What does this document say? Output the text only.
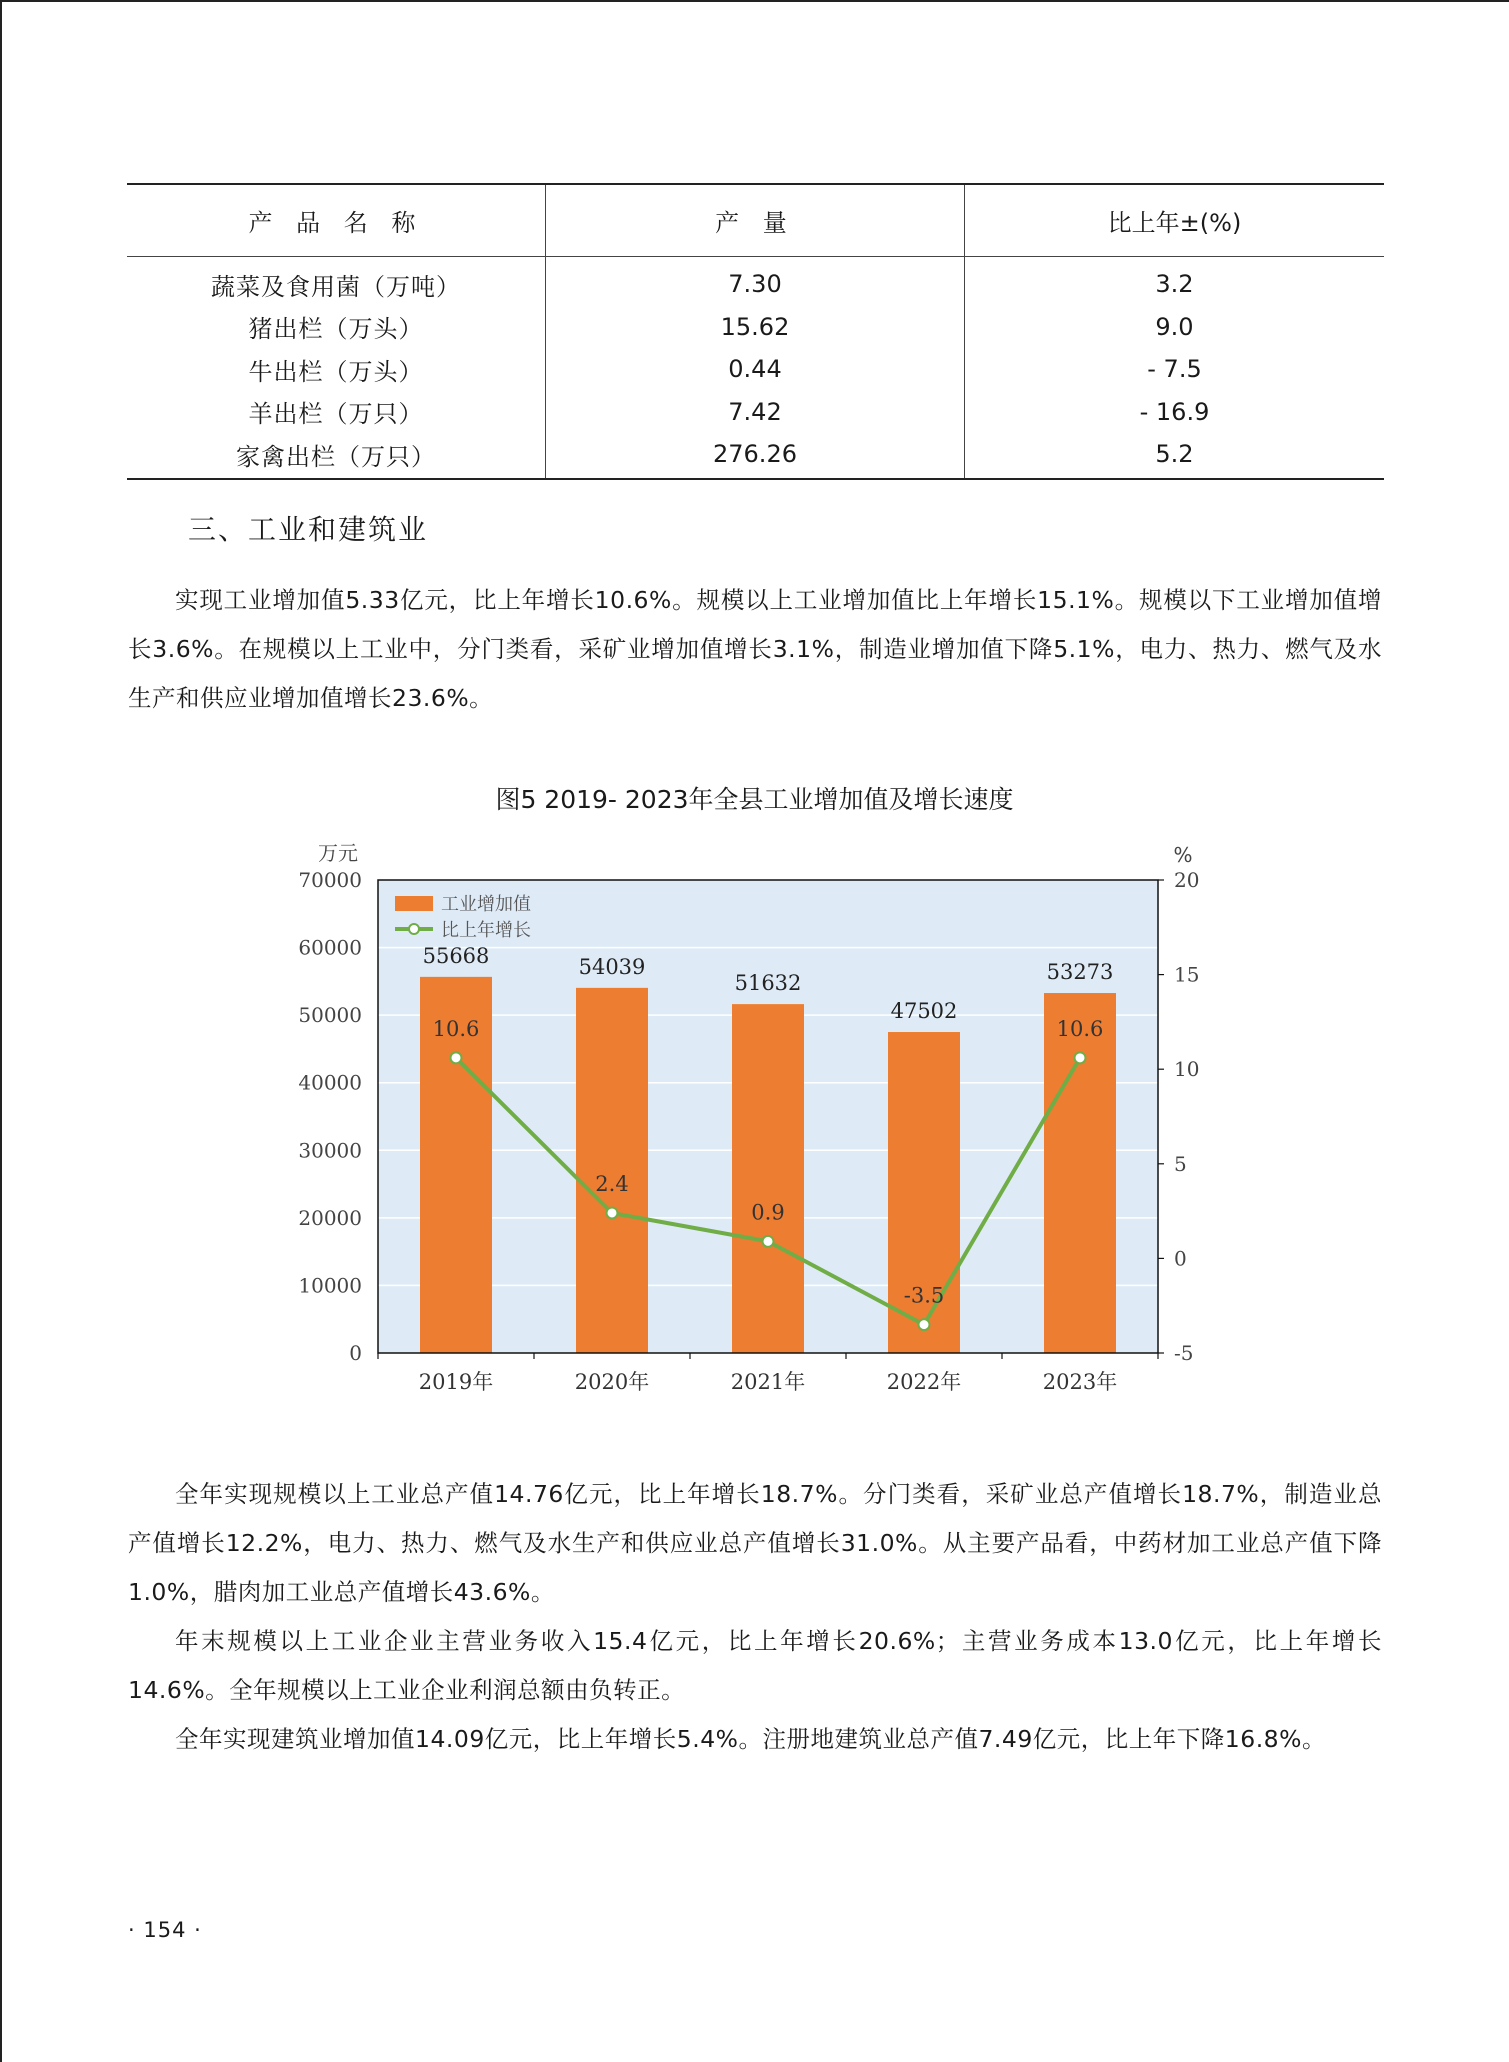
产 品 名 称	产 量	比上年±(%)
蔬菜及食用菌（万吨）	7.30	3.2
猪出栏（万头）	15.62	9.0
牛出栏（万头）	0.44	- 7.5
羊出栏（万只）	7.42	- 16.9
家禽出栏（万只）	276.26	5.2
三、工业和建筑业

实现工业增加值5.33亿元，比上年增长10.6%。规模以上工业增加值比上年增长15.1%。规模以下工业增加值增长3.6%。在规模以上工业中，分门类看，采矿业增加值增长3.1%，制造业增加值下降5.1%，电力、热力、燃气及水生产和供应业增加值增长23.6%。

图5 2019- 2023年全县工业增加值及增长速度

55668	54039
51632
47502
53273
2019年	2020年	2021年	2022年	2023年
0
10000
20000
30000
40000
50000
60000
70000
万元
-5
0
5
10
15
20
%
10.6
2.4
0.9
-3.5
10.6
工业增加值
比上年增长

全年实现规模以上工业总产值14.76亿元，比上年增长18.7%。分门类看，采矿业总产值增长18.7%，制造业总产值增长12.2%，电力、热力、燃气及水生产和供应业总产值增长31.0%。从主要产品看，中药材加工业总产值下降1.0%，腊肉加工业总产值增长43.6%。

年末规模以上工业企业主营业务收入15.4亿元，比上年增长20.6%；主营业务成本13.0亿元，比上年增长14.6%。全年规模以上工业企业利润总额由负转正。

全年实现建筑业增加值14.09亿元，比上年增长5.4%。注册地建筑业总产值7.49亿元，比上年下降16.8%。

· 154 ·
